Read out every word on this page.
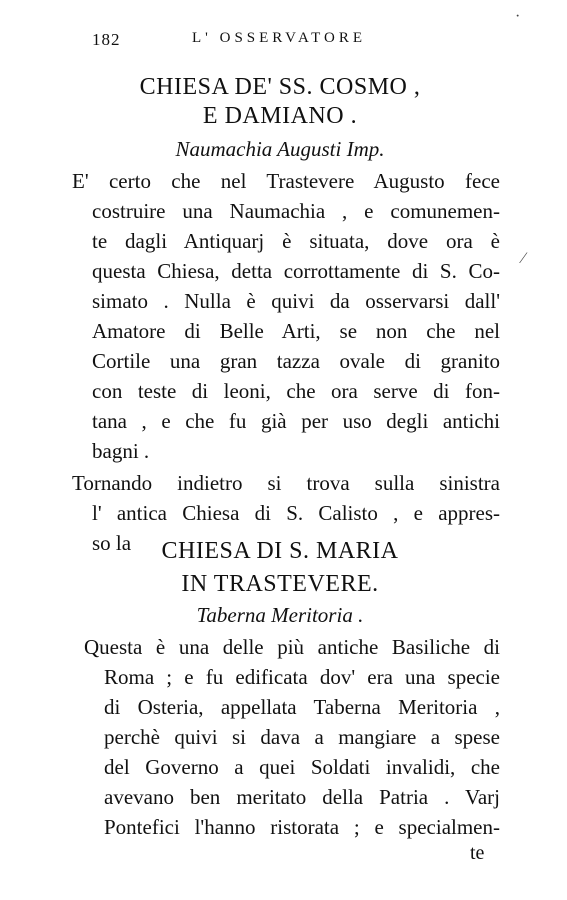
182	L' OSSERVATORE
CHIESA DE' SS. COSMO ,
E DAMIANO .
Naumachia Augusti Imp.
E' certo che nel Trastevere Augusto fece
costruire una Naumachia , e comunemen-
te dagli Antiquarj è situata, dove ora è
questa Chiesa, detta corrottamente di S. Co-
simato . Nulla è quivi da osservarsi dall'
Amatore di Belle Arti, se non che nel
Cortile una gran tazza ovale di granito
con teste di leoni, che ora serve di fon-
tana , e che fu già per uso degli antichi
bagni .
Tornando indietro si trova sulla sinistra
l' antica Chiesa di S. Calisto , e appres-
so la	CHIESA DI S. MARIA
IN TRASTEVERE.
Taberna Meritoria .
Questa è una delle più antiche Basiliche di
Roma ; e fu edificata dov' era una specie
di Osteria, appellata Taberna Meritoria ,
perchè quivi si dava a mangiare a spese
del Governo a quei Soldati invalidi, che
avevano ben meritato della Patria . Varj
Pontefici l'hanno ristorata ; e specialmen-
te
⁄
·
